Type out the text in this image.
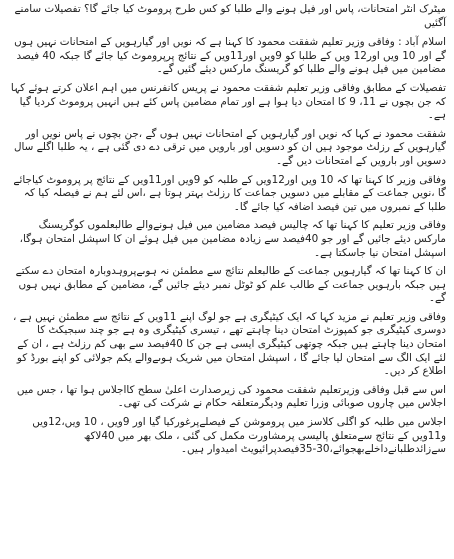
میٹرک انٹر امتحانات، پاس اور فیل ہونے والے طلبا کو کس طرح پروموٹ کیا جائے گا؟ تفصیلات سامنے آگئیں

اسلام آباد : وفاقی وزیر تعلیم شفقت محمود کا کہنا ہے کہ نویں اور گیارہویں کے امتحانات نہیں ہوں گے اور 10 ویں اور12 ویں کے طلبا کو 9ویں اور11ویں کے نتائج پرپروموٹ کیا جائے گا جبکہ 40 فیصد مضامین میں فیل ہونے والے طلبا کو گریسنگ مارکس دیئے گئیں گے۔

تفصیلات کے مطابق وفاقی وزیر تعلیم شفقت محمود نے پریس کانفرنس میں اہم اعلان کرتے ہوئے کہا کہ جن بچوں نے 11، 9 کا امتحان دیا ہوا ہے اور تمام مضامین پاس کئے ہیں انہیں پروموٹ کردیا گیا ہے۔

شفقت محمود نے کہا کہ نویں اور گیارہویں کے امتحانات نہیں ہوں گے ،جن بچوں نے پاس نویں اور گیارہویں کے رزلٹ موجود ہیں ان کو دسویں اور بارویں میں ترقی دے دی گئی ہے ، یہ طلبا اگلے سال دسویں اور بارویں کے امتحانات دیں گے۔

وفاقی وزیر کا کہنا تھا کہ 10 ویں اور12ویں کے طلبہ کو 9ویں اور11ویں کے نتائج پر پروموٹ کیاجائے گا ،نویں جماعت کے مقابلے میں دسویں جماعت کا رزلٹ بہتر ہوتا ہے ،اس لئے ہم نے فیصلہ کیا کہ طلبا کے نمبروں میں تین فیصد اضافہ کیا جائے گا۔

وفاقی وزیر تعلیم کا کہنا تھا کہ چالیس فیصد مضامین میں فیل ہونےوالے طالبعلموں کوگریسنگ مارکس دیئے جائیں گے اور جو 40فیصد سے زیادہ مضامین میں فیل ہوئے ان کا اسپشل امتحان ہوگا، اسپشل امتحان نیا جاسکتا ہے۔

ان کا کہنا تھا کہ گیارہویں جماعت کے طالبعلم نتائج سے مطمئن نہ ہوںےپروہدوبارہ امتحان دے سکتے ہیں جبکہ بارہویں جماعت کے طالب علم کو ٹوٹل نمبر دیئے جائیں گے، مضامین کے مطابق نہیں ہوں گے۔

وفاقی وزیر تعلیم نے مزید کہا کہ ایک کیٹیگری ہے جو لوگ اپنے 11ویں کے نتائج سے مطمئن نہیں ہے ، دوسری کیٹیگری جو کمپوزٹ امتحان دینا چاہتے تھے ، تیسری کیٹیگری وہ ہے جو چند سبجیکٹ کا امتحان دینا چاہتے ہیں جبکہ چوتھی کیٹیگری ایسی ہے جن کا 40فیصد سے بھی کم رزلٹ ہے ، ان کے لئے ایک الگ سے امتحان لیا جائے گا ، اسپشل امتحان میں شریک ہوںےوالے یکم جولائی کو اپنے بورڈ کو اطلاع کر دیں۔

اس سے قبل وفاقی وزیرتعلیم شفقت محمود کی زیرصدارت اعلیٰ سطح کااجلاس ہوا تھا ، جس میں اجلاس میں چاروں صوبائی وزرا تعلیم ودیگرمتعلقہ حکام نے شرکت کی تھی۔

اجلاس میں طلبہ کو اگلی کلاسز میں پروموشن کے فیصلےپرغورکیا گیا اور 9ویں ، 10 ویں،12ویں و11ویں کے نتائج سےمتعلق پالیسی پرمشاورت مکمل کی گئی ، ملک بھر میں 40لاکھ سےزائدطلبانےداخلےبھجوائے،30-35فیصدپرائیویٹ امیدوار ہیں۔
